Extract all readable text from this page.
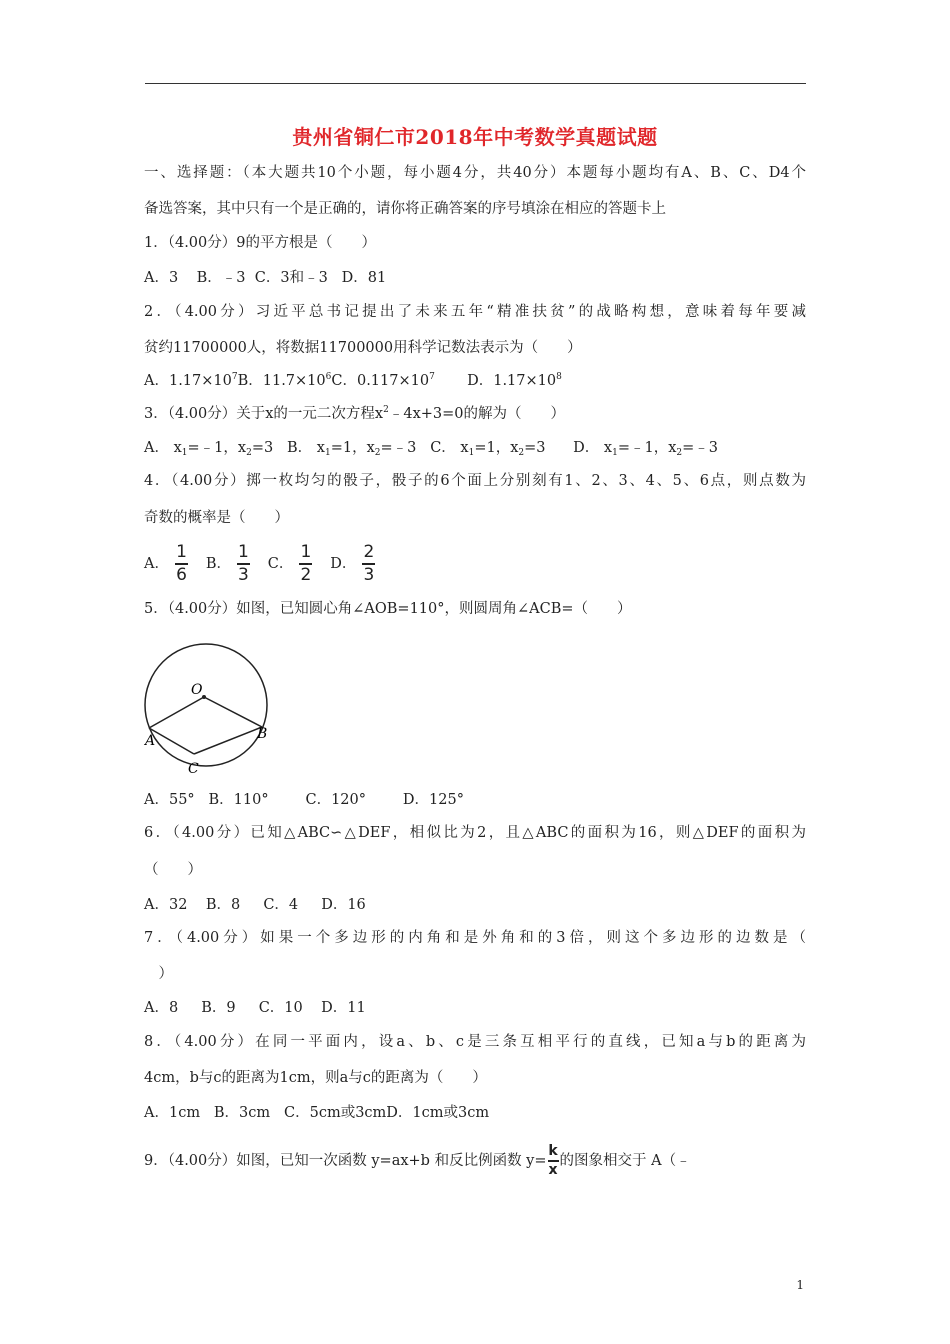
贵州省铜仁市2018年中考数学真题试题
一、选择题：（本大题共10个小题，每小题4分，共40分）本题每小题均有A、B、C、D4个
备选答案，其中只有一个是正确的，请你将正确答案的序号填涂在相应的答题卡上
1．（4.00分）9的平方根是（　　）
A．3 B．﹣3 C．3和﹣3 D．81
2．（4.00分）习近平总书记提出了未来五年“精准扶贫”的战略构想，意味着每年要减
贫约11700000人，将数据11700000用科学记数法表示为（　　）
A．$1.17\times 10^7B$．$11.7\times 10^6C$．$0.117\times 10^7$ D．$1.17\times 10^8$
3．（4.00分）关于x的一元二次方程$x^2﹣4x+3=0$的解为（　　）
A． $x_1=﹣1$，$x_2=3$ B． $x_1=1$，$x_2=﹣3$ C． $x_1=1$，$x_2=3$ D． $x_1=﹣1$，$x_2=﹣3$
4．（4.00分）掷一枚均匀的骰子，骰子的6个面上分别刻有1、2、3、4、5、6点，则点数为
奇数的概率是（　　）
A． $\frac{1}{6}$ B． $\frac{1}{3}$ C． $\frac{1}{2}$ D． $\frac{2}{3}$
5．（4.00分）如图，已知圆心角∠AOB=110°，则圆周角∠ACB=（　　）
O
A	B
C
A．55° B．110°	C．120°	D．125°
6．（4.00分）已知△ABC∽△DEF，相似比为2，且△ABC的面积为16，则△DEF的面积为
（　　）
A．32 B．8 C．4 D．16
7．（4.00分）如果一个多边形的内角和是外角和的3倍，则这个多边形的边数是（
　）
A．8 B．9 C．10 D．11
8．（4.00分）在同一平面内，设a、b、c是三条互相平行的直线，已知a与b的距离为
4cm，b与c的距离为1cm，则a与c的距离为（　　）
A．1cm B．3cm C．5cm或3cmD．1cm或3cm
9．（4.00分）如图，已知一次函数 y=ax+b 和反比例函数 $y= \frac{k}{x}$ 的图象相交于 A（﹣
1
